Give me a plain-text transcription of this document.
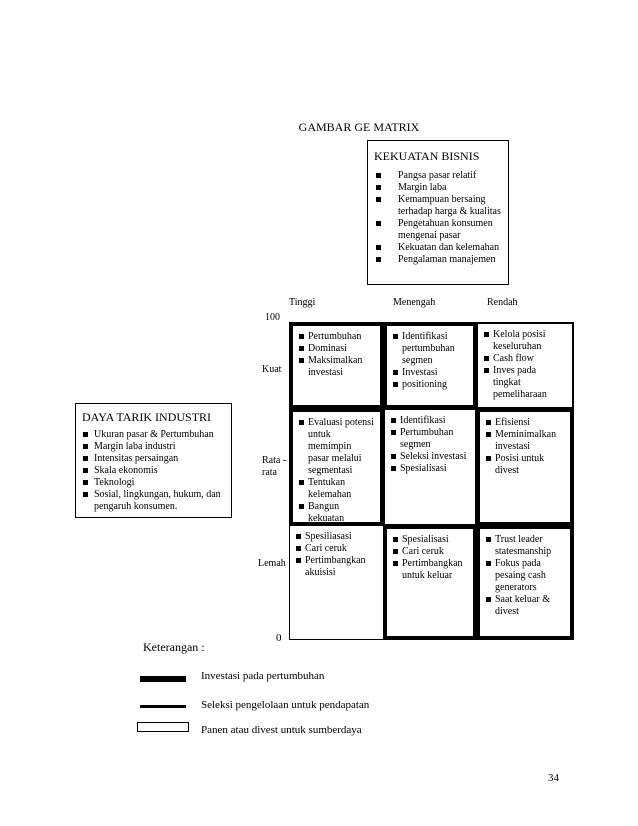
GAMBAR GE MATRIX

KEKUATAN BISNIS

Pangsa pasar relatif
Margin laba
Kemampuan bersaing terhadap harga & kualitas
Pengetahuan konsumen mengenai pasar
Kekuatan dan kelemahan
Pengalaman manajemen
Tinggi	Menengah	Rendah
100
Kuat
Rata -rata
Lemah
0
Pertumbuhan
Dominasi
Maksimalkan investasi
Identifikasi pertumbuhan segmen
Investasi
positioning
Kelola posisi keseluruhan
Cash flow
Inves pada tingkat pemeliharaan
Evaluasi potensi untuk memimpin pasar melalui segmentasi
Tentukan kelemahan
Bangun kekuatan
Identifikasi
Pertumbuhan segmen
Seleksi investasi
Spesialisasi
Efisiensi
Meminimalkan investasi
Posisi untuk divest
Spesiliasasi
Cari ceruk
Pertimbangkan akuisisi
Spesialisasi
Cari ceruk
Pertimbangkan untuk keluar
Trust leader statesmanship
Fokus pada pesaing cash generators
Saat keluar & divest

DAYA TARIK INDUSTRI

Ukuran pasar & Pertumbuhan
Margin laba industri
Intensitas persaingan
Skala ekonomis
Teknologi
Sosial, lingkungan, hukum, dan pengaruh konsumen.
Keterangan :
Investasi pada pertumbuhan
Seleksi pengelolaan untuk pendapatan
Panen atau divest untuk sumberdaya
34
